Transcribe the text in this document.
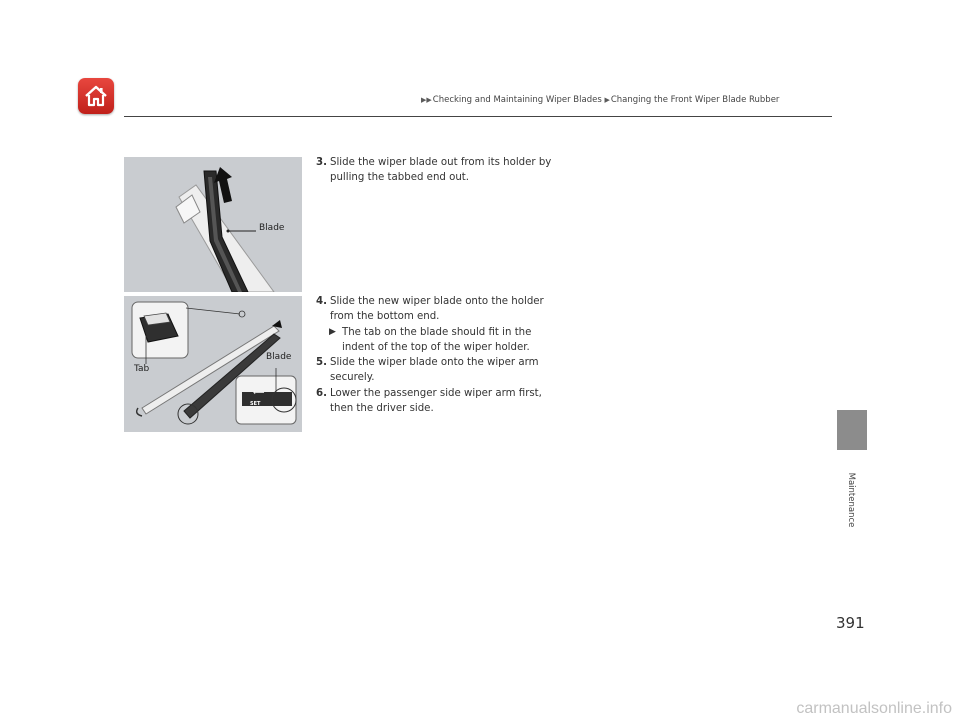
▶▶Checking and Maintaining Wiper Blades ▶Changing the Front Wiper Blade Rubber
Maintenance
Blade
Tab
Blade
⟵
SET
3. Slide the wiper blade out from its holder by pulling the tabbed end out.
4. Slide the new wiper blade onto the holder from the bottom end.
▶ The tab on the blade should fit in the indent of the top of the wiper holder.
5. Slide the wiper blade onto the wiper arm securely.
6. Lower the passenger side wiper arm first, then the driver side.
391
carmanualsonline.info
